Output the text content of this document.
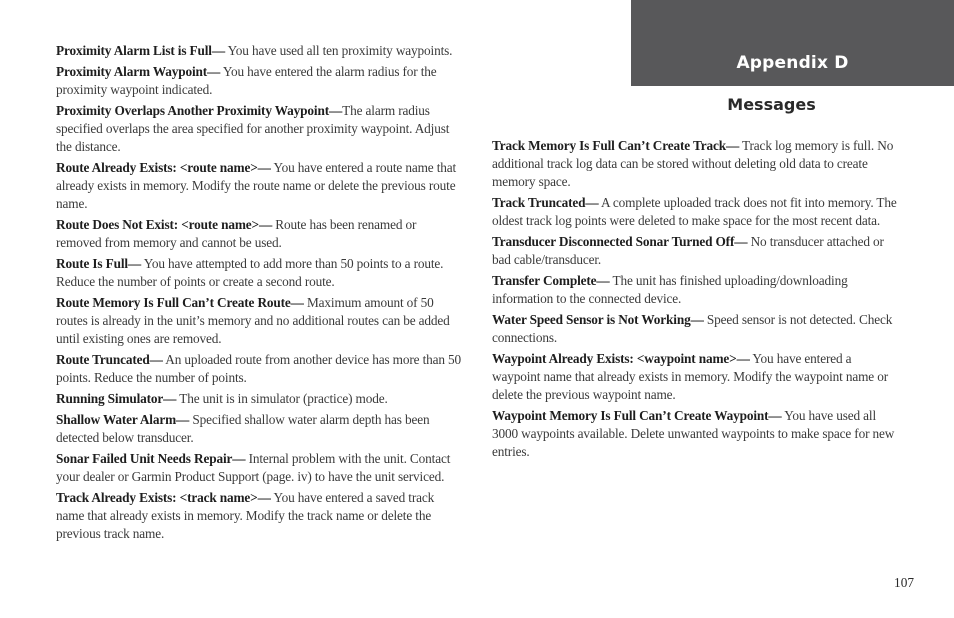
Appendix D
Messages

Proximity Alarm List is Full— You have used all ten proximity waypoints.

Proximity Alarm Waypoint— You have entered the alarm radius for the proximity waypoint indicated.

Proximity Overlaps Another Proximity Waypoint—The alarm radius specified overlaps the area specified for another proximity waypoint. Adjust the distance.

Route Already Exists: <route name>— You have entered a route name that already exists in memory. Modify the route name or delete the previous route name.

Route Does Not Exist: <route name>— Route has been renamed or removed from memory and cannot be used.

Route Is Full— You have attempted to add more than 50 points to a route. Reduce the number of points or create a second route.

Route Memory Is Full Can’t Create Route— Maximum amount of 50 routes is already in the unit’s memory and no additional routes can be added until existing ones are removed.

Route Truncated— An uploaded route from another device has more than 50 points. Reduce the number of points.

Running Simulator— The unit is in simulator (practice) mode.

Shallow Water Alarm— Specified shallow water alarm depth has been detected below transducer.

Sonar Failed Unit Needs Repair— Internal problem with the unit. Contact your dealer or Garmin Product Support (page. iv) to have the unit serviced.

Track Already Exists: <track name>— You have entered a saved track name that already exists in memory. Modify the track name or delete the previous track name.

Track Memory Is Full Can’t Create Track— Track log memory is full. No additional track log data can be stored without deleting old data to create memory space.

Track Truncated— A complete uploaded track does not fit into memory. The oldest track log points were deleted to make space for the most recent data.

Transducer Disconnected Sonar Turned Off— No transducer attached or bad cable/transducer.

Transfer Complete— The unit has finished uploading/downloading information to the connected device.

Water Speed Sensor is Not Working— Speed sensor is not detected. Check connections.

Waypoint Already Exists: <waypoint name>— You have entered a waypoint name that already exists in memory. Modify the waypoint name or delete the previous waypoint name.

Waypoint Memory Is Full Can’t Create Waypoint— You have used all 3000 waypoints available. Delete unwanted waypoints to make space for new entries.

107
